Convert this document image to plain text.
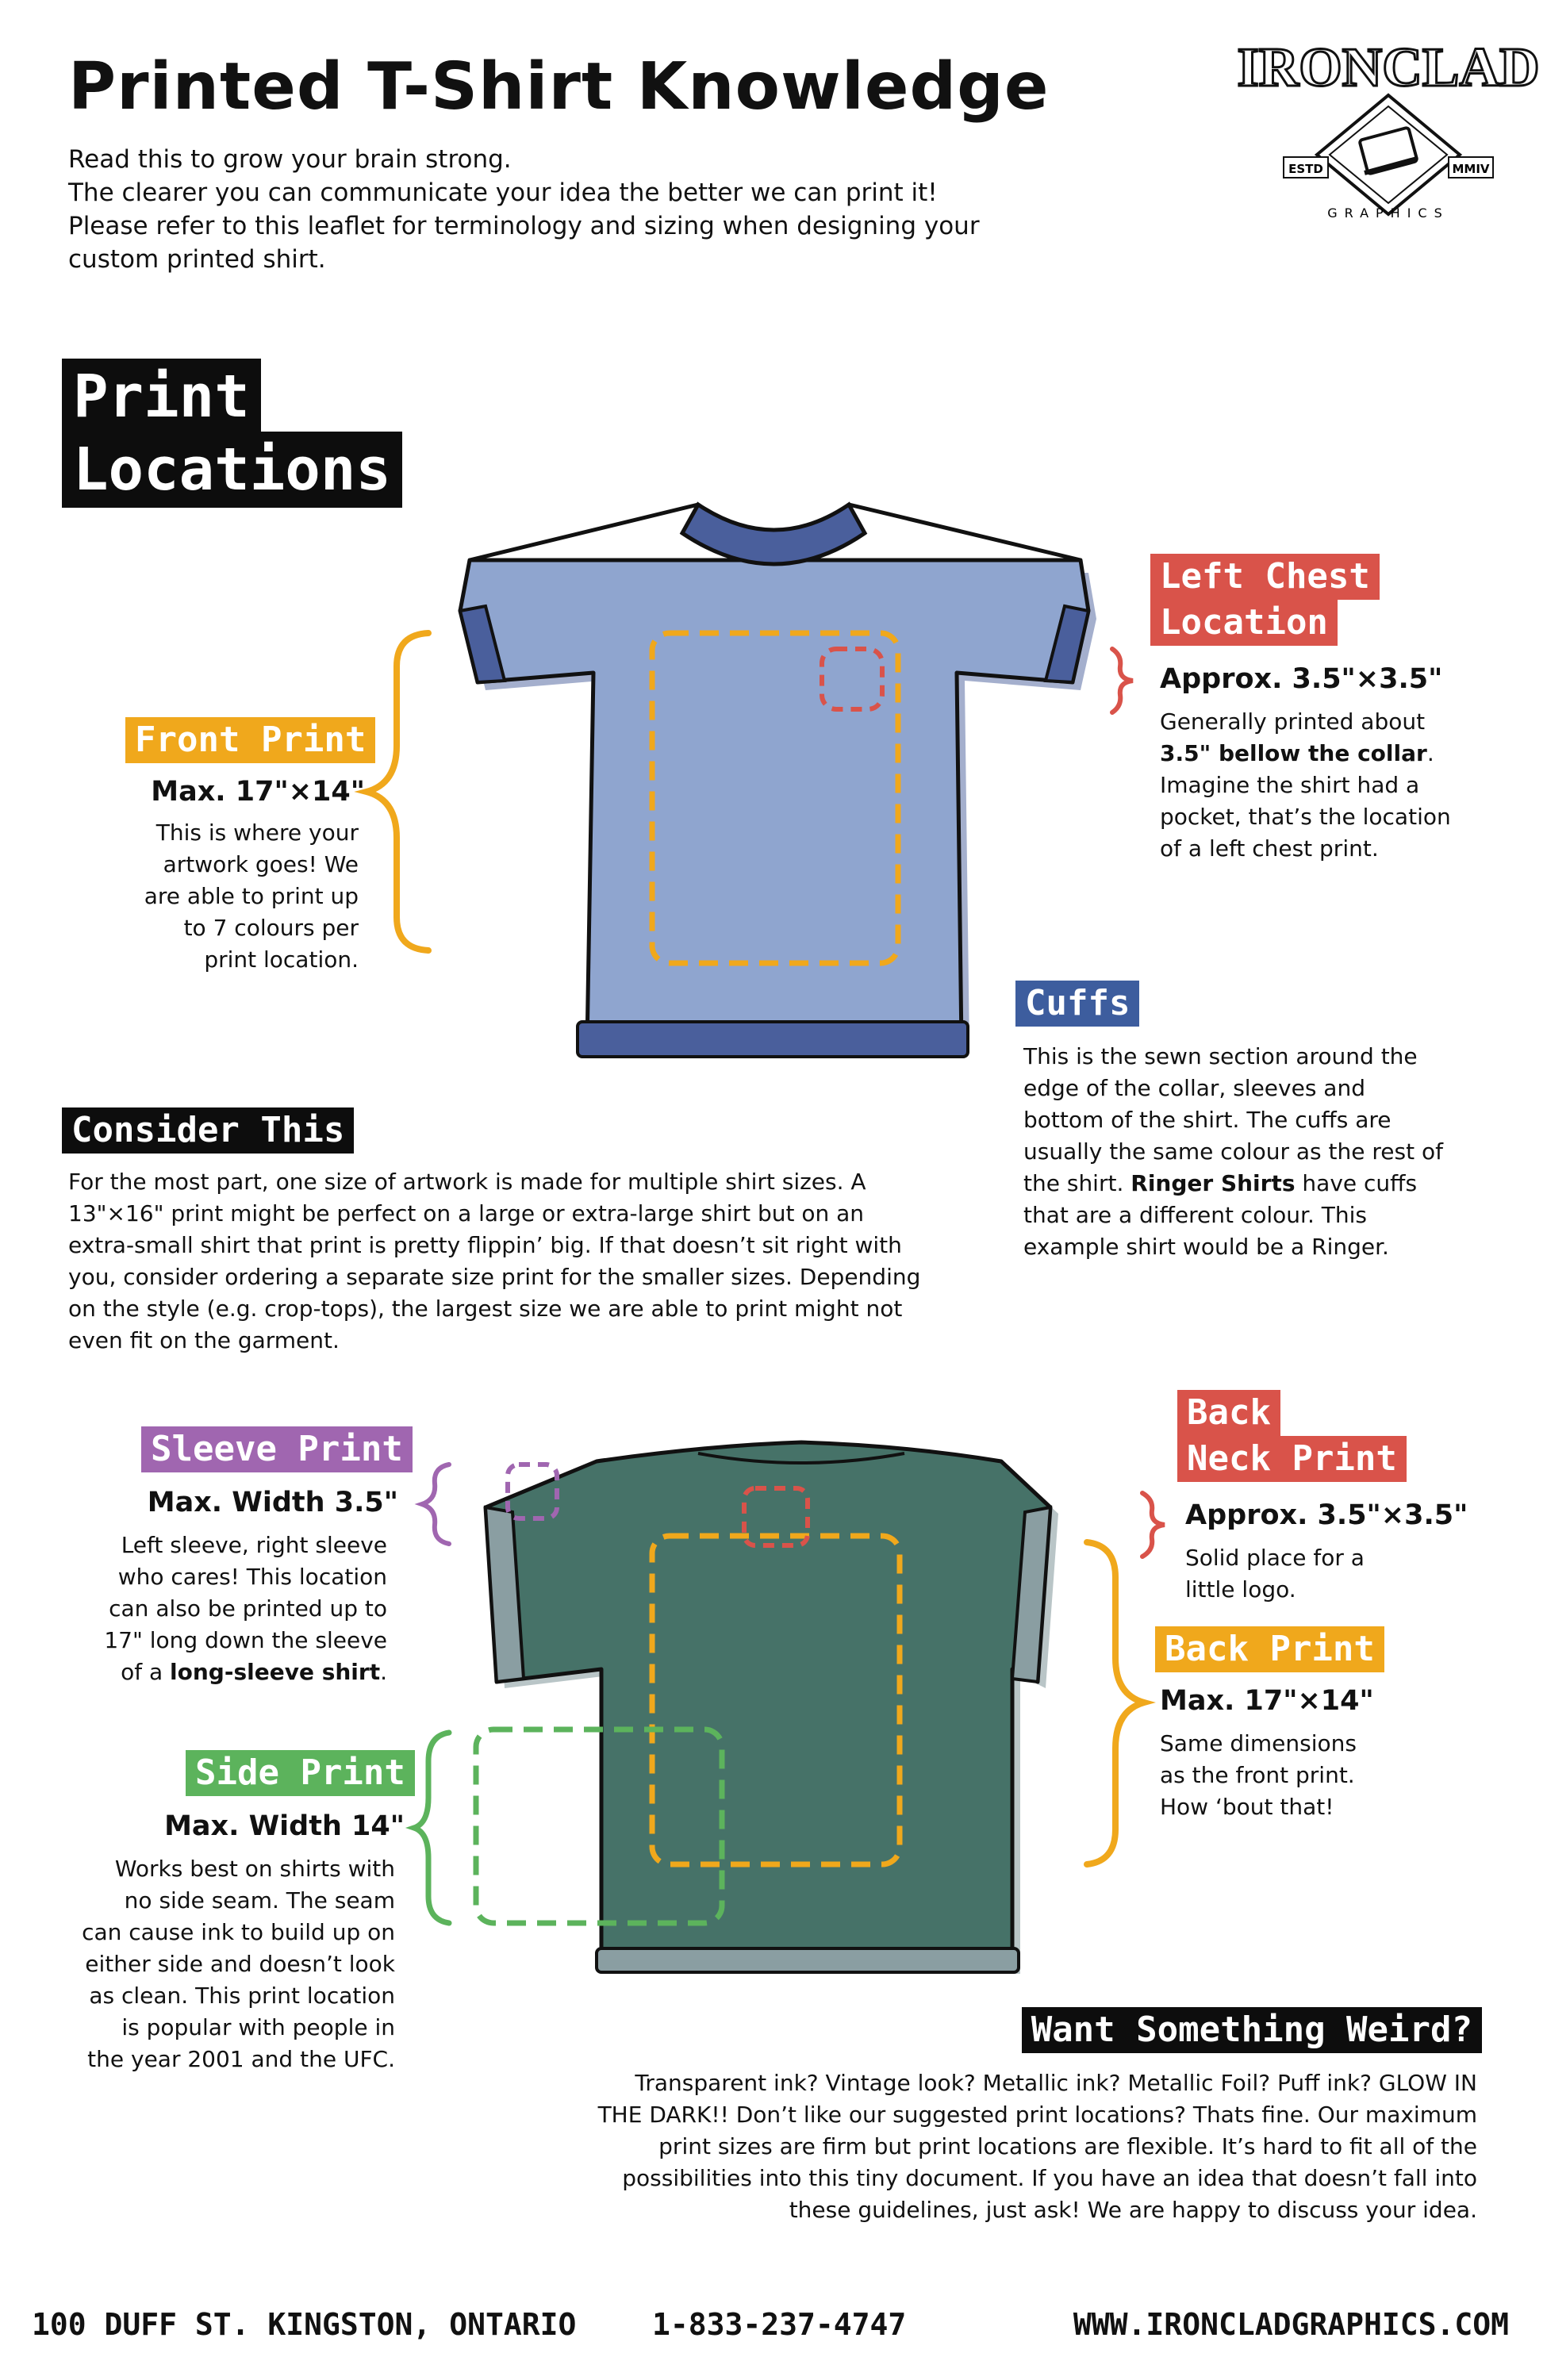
Printed T-Shirt Knowledge
Read this to grow your brain strong.
The clearer you can communicate your idea the better we can print it!
Please refer to this leaflet for terminology and sizing when designing your
custom printed shirt.
IRONCLAD
ESTD	MMIV
GRAPHICS
Print
Locations
Front Print
Max. 17"×14"
This is where your
artwork goes! We
are able to print up
to 7 colours per
print location.
Left Chest
Location
Approx. 3.5"×3.5"
Generally printed about
3.5" bellow the collar.
Imagine the shirt had a
pocket, that’s the location
of a left chest print.
Cuffs
This is the sewn section around the
edge of the collar, sleeves and
bottom of the shirt. The cuffs are
usually the same colour as the rest of
the shirt. Ringer Shirts have cuffs
that are a different colour. This
example shirt would be a Ringer.
Consider This
For the most part, one size of artwork is made for multiple shirt sizes. A
13"×16" print might be perfect on a large or extra-large shirt but on an
extra-small shirt that print is pretty flippin’ big. If that doesn’t sit right with
you, consider ordering a separate size print for the smaller sizes. Depending
on the style (e.g. crop-tops), the largest size we are able to print might not
even fit on the garment.
Sleeve Print
Max. Width 3.5"
Left sleeve, right sleeve
who cares! This location
can also be printed up to
17" long down the sleeve
of a long-sleeve shirt.
Side Print
Max. Width 14"
Works best on shirts with
no side seam. The seam
can cause ink to build up on
either side and doesn’t look
as clean. This print location
is popular with people in
the year 2001 and the UFC.
Back
Neck Print
Approx. 3.5"×3.5"
Solid place for a
little logo.
Back Print
Max. 17"×14"
Same dimensions
as the front print.
How ‘bout that!
Want Something Weird?
Transparent ink? Vintage look? Metallic ink? Metallic Foil? Puff ink? GLOW IN
THE DARK!! Don’t like our suggested print locations? Thats fine. Our maximum
print sizes are firm but print locations are flexible. It’s hard to fit all of the
possibilities into this tiny document. If you have an idea that doesn’t fall into
these guidelines, just ask! We are happy to discuss your idea.
100 DUFF ST. KINGSTON, ONTARIO	1-833-237-4747	WWW.IRONCLADGRAPHICS.COM
